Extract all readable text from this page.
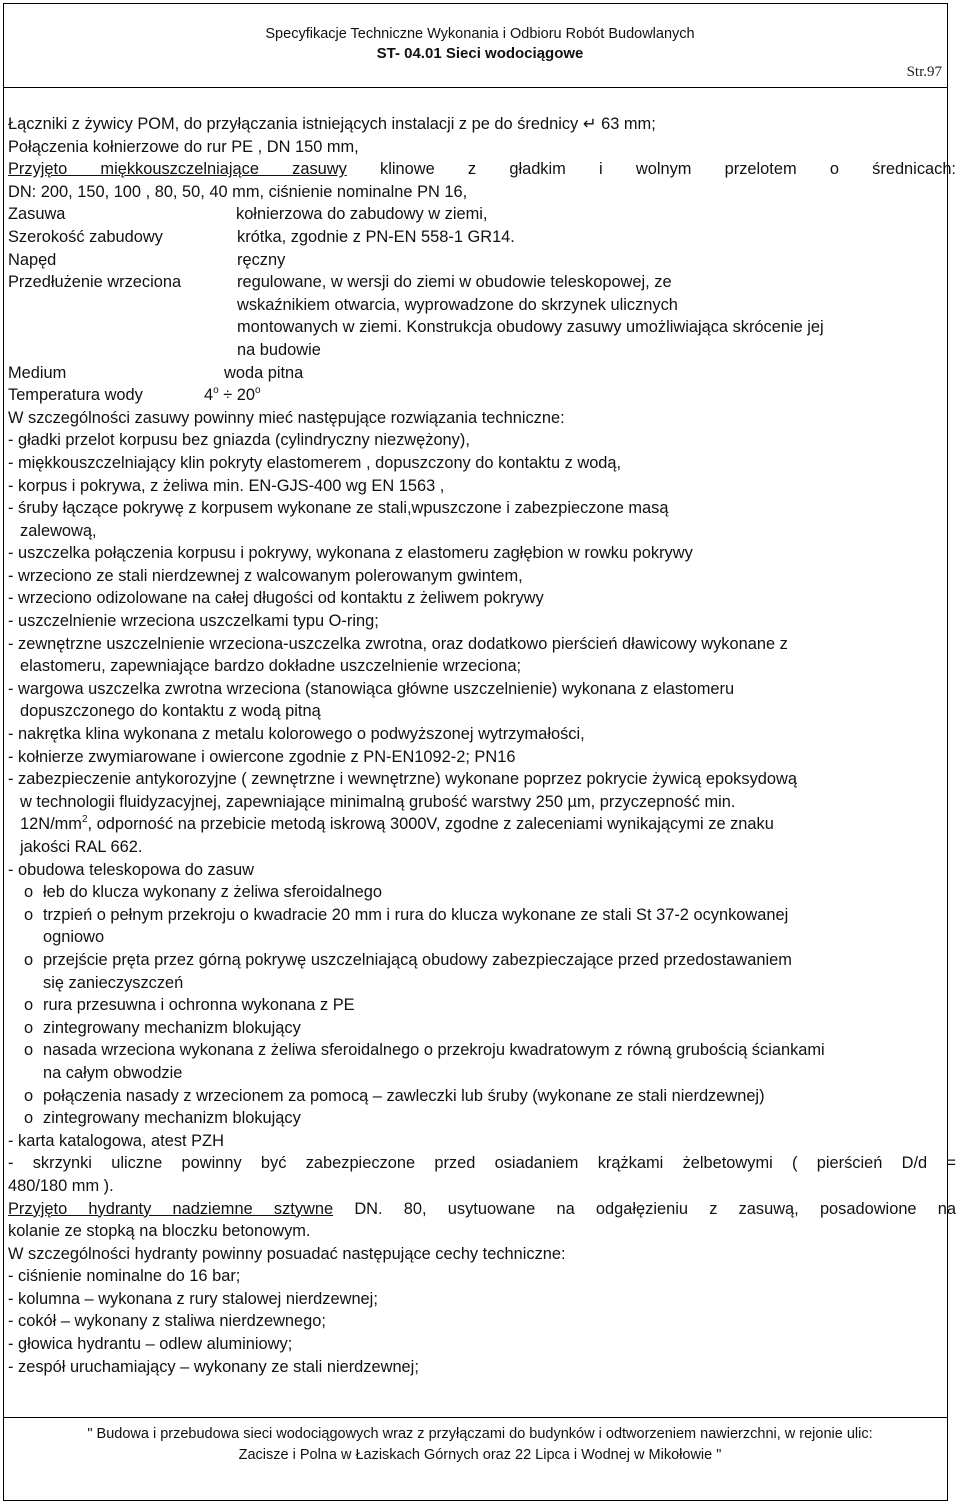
Specyfikacje Techniczne Wykonania i Odbioru Robót Budowlanych
ST- 04.01 Sieci wodociągowe
Str.97
Łączniki z żywicy POM, do przyłączania istniejących instalacji z pe do średnicy ↵ 63 mm;
Połączenia kołnierzowe do rur PE , DN 150 mm,
Przyjęto miękkouszczelniające zasuwy klinowe z gładkim i wolnym przelotem o średnicach:
DN: 200, 150, 100 , 80, 50, 40 mm, ciśnienie nominalne PN 16,
Zasuwa	kołnierzowa do zabudowy w ziemi,
Szerokość zabudowy	krótka, zgodnie z PN-EN 558-1 GR14.
Napęd	ręczny
Przedłużenie wrzeciona	regulowane, w wersji do ziemi w obudowie teleskopowej, ze
wskaźnikiem otwarcia, wyprowadzone do skrzynek ulicznych
montowanych w ziemi. Konstrukcja obudowy zasuwy umożliwiająca skrócenie jej
na budowie
Medium	woda pitna
Temperatura wody	$4^o \div 20^o$
W szczególności zasuwy powinny mieć następujące rozwiązania techniczne:
- gładki przelot korpusu bez gniazda (cylindryczny niezwężony),
- miękkouszczelniający klin pokryty elastomerem , dopuszczony do kontaktu z wodą,
- korpus i pokrywa, z żeliwa min. EN-GJS-400 wg EN 1563 ,
- śruby łączące pokrywę z korpusem wykonane ze stali,wpuszczone i zabezpieczone masą
zalewową,
- uszczelka połączenia korpusu i pokrywy, wykonana z elastomeru zagłębion w rowku pokrywy
- wrzeciono ze stali nierdzewnej z walcowanym polerowanym gwintem,
- wrzeciono odizolowane na całej długości od kontaktu z żeliwem pokrywy
- uszczelnienie wrzeciona uszczelkami typu O-ring;
- zewnętrzne uszczelnienie wrzeciona-uszczelka zwrotna, oraz dodatkowo pierścień dławicowy wykonane z
elastomeru, zapewniające bardzo dokładne uszczelnienie wrzeciona;
- wargowa uszczelka zwrotna wrzeciona (stanowiąca główne uszczelnienie) wykonana z elastomeru
dopuszczonego do kontaktu z wodą pitną
- nakrętka klina wykonana z metalu kolorowego o podwyższonej wytrzymałości,
- kołnierze zwymiarowane i owiercone zgodnie z PN-EN1092-2; PN16
- zabezpieczenie antykorozyjne ( zewnętrzne i wewnętrzne) wykonane poprzez pokrycie żywicą epoksydową
w technologii fluidyzacyjnej, zapewniające minimalną grubość warstwy 250 µm, przyczepność min.
$12N/mm^2$, odporność na przebicie metodą iskrową 3000V, zgodne z zaleceniami wynikającymi ze znaku
jakości RAL 662.
- obudowa teleskopowa do zasuw
o łeb do klucza wykonany z żeliwa sferoidalnego
o trzpień o pełnym przekroju o kwadracie 20 mm i rura do klucza wykonane ze stali St 37-2 ocynkowanej
ogniowo
o przejście pręta przez górną pokrywę uszczelniającą obudowy zabezpieczające przed przedostawaniem
się zanieczyszczeń
o rura przesuwna i ochronna wykonana z PE
o zintegrowany mechanizm blokujący
o nasada wrzeciona wykonana z żeliwa sferoidalnego o przekroju kwadratowym z równą grubością ściankami
na całym obwodzie
o połączenia nasady z wrzecionem za pomocą – zawleczki lub śruby (wykonane ze stali nierdzewnej)
o zintegrowany mechanizm blokujący
- karta katalogowa, atest PZH
- skrzynki uliczne powinny być zabezpieczone przed osiadaniem krążkami żelbetowymi ( pierścień D/d =
480/180 mm ).
Przyjęto hydranty nadziemne sztywne DN. 80, usytuowane na odgałęzieniu z zasuwą, posadowione na
kolanie ze stopką na bloczku betonowym.
W szczególności hydranty powinny posuadać następujące cechy techniczne:
- ciśnienie nominalne do 16 bar;
- kolumna – wykonana z rury stalowej nierdzewnej;
- cokół – wykonany z staliwa nierdzewnego;
- głowica hydrantu – odlew aluminiowy;
- zespół uruchamiający – wykonany ze stali nierdzewnej;
" Budowa i przebudowa sieci wodociągowych wraz z przyłączami do budynków i odtworzeniem nawierzchni, w rejonie ulic:
Zacisze i Polna w Łaziskach Górnych oraz 22 Lipca i Wodnej w Mikołowie "
